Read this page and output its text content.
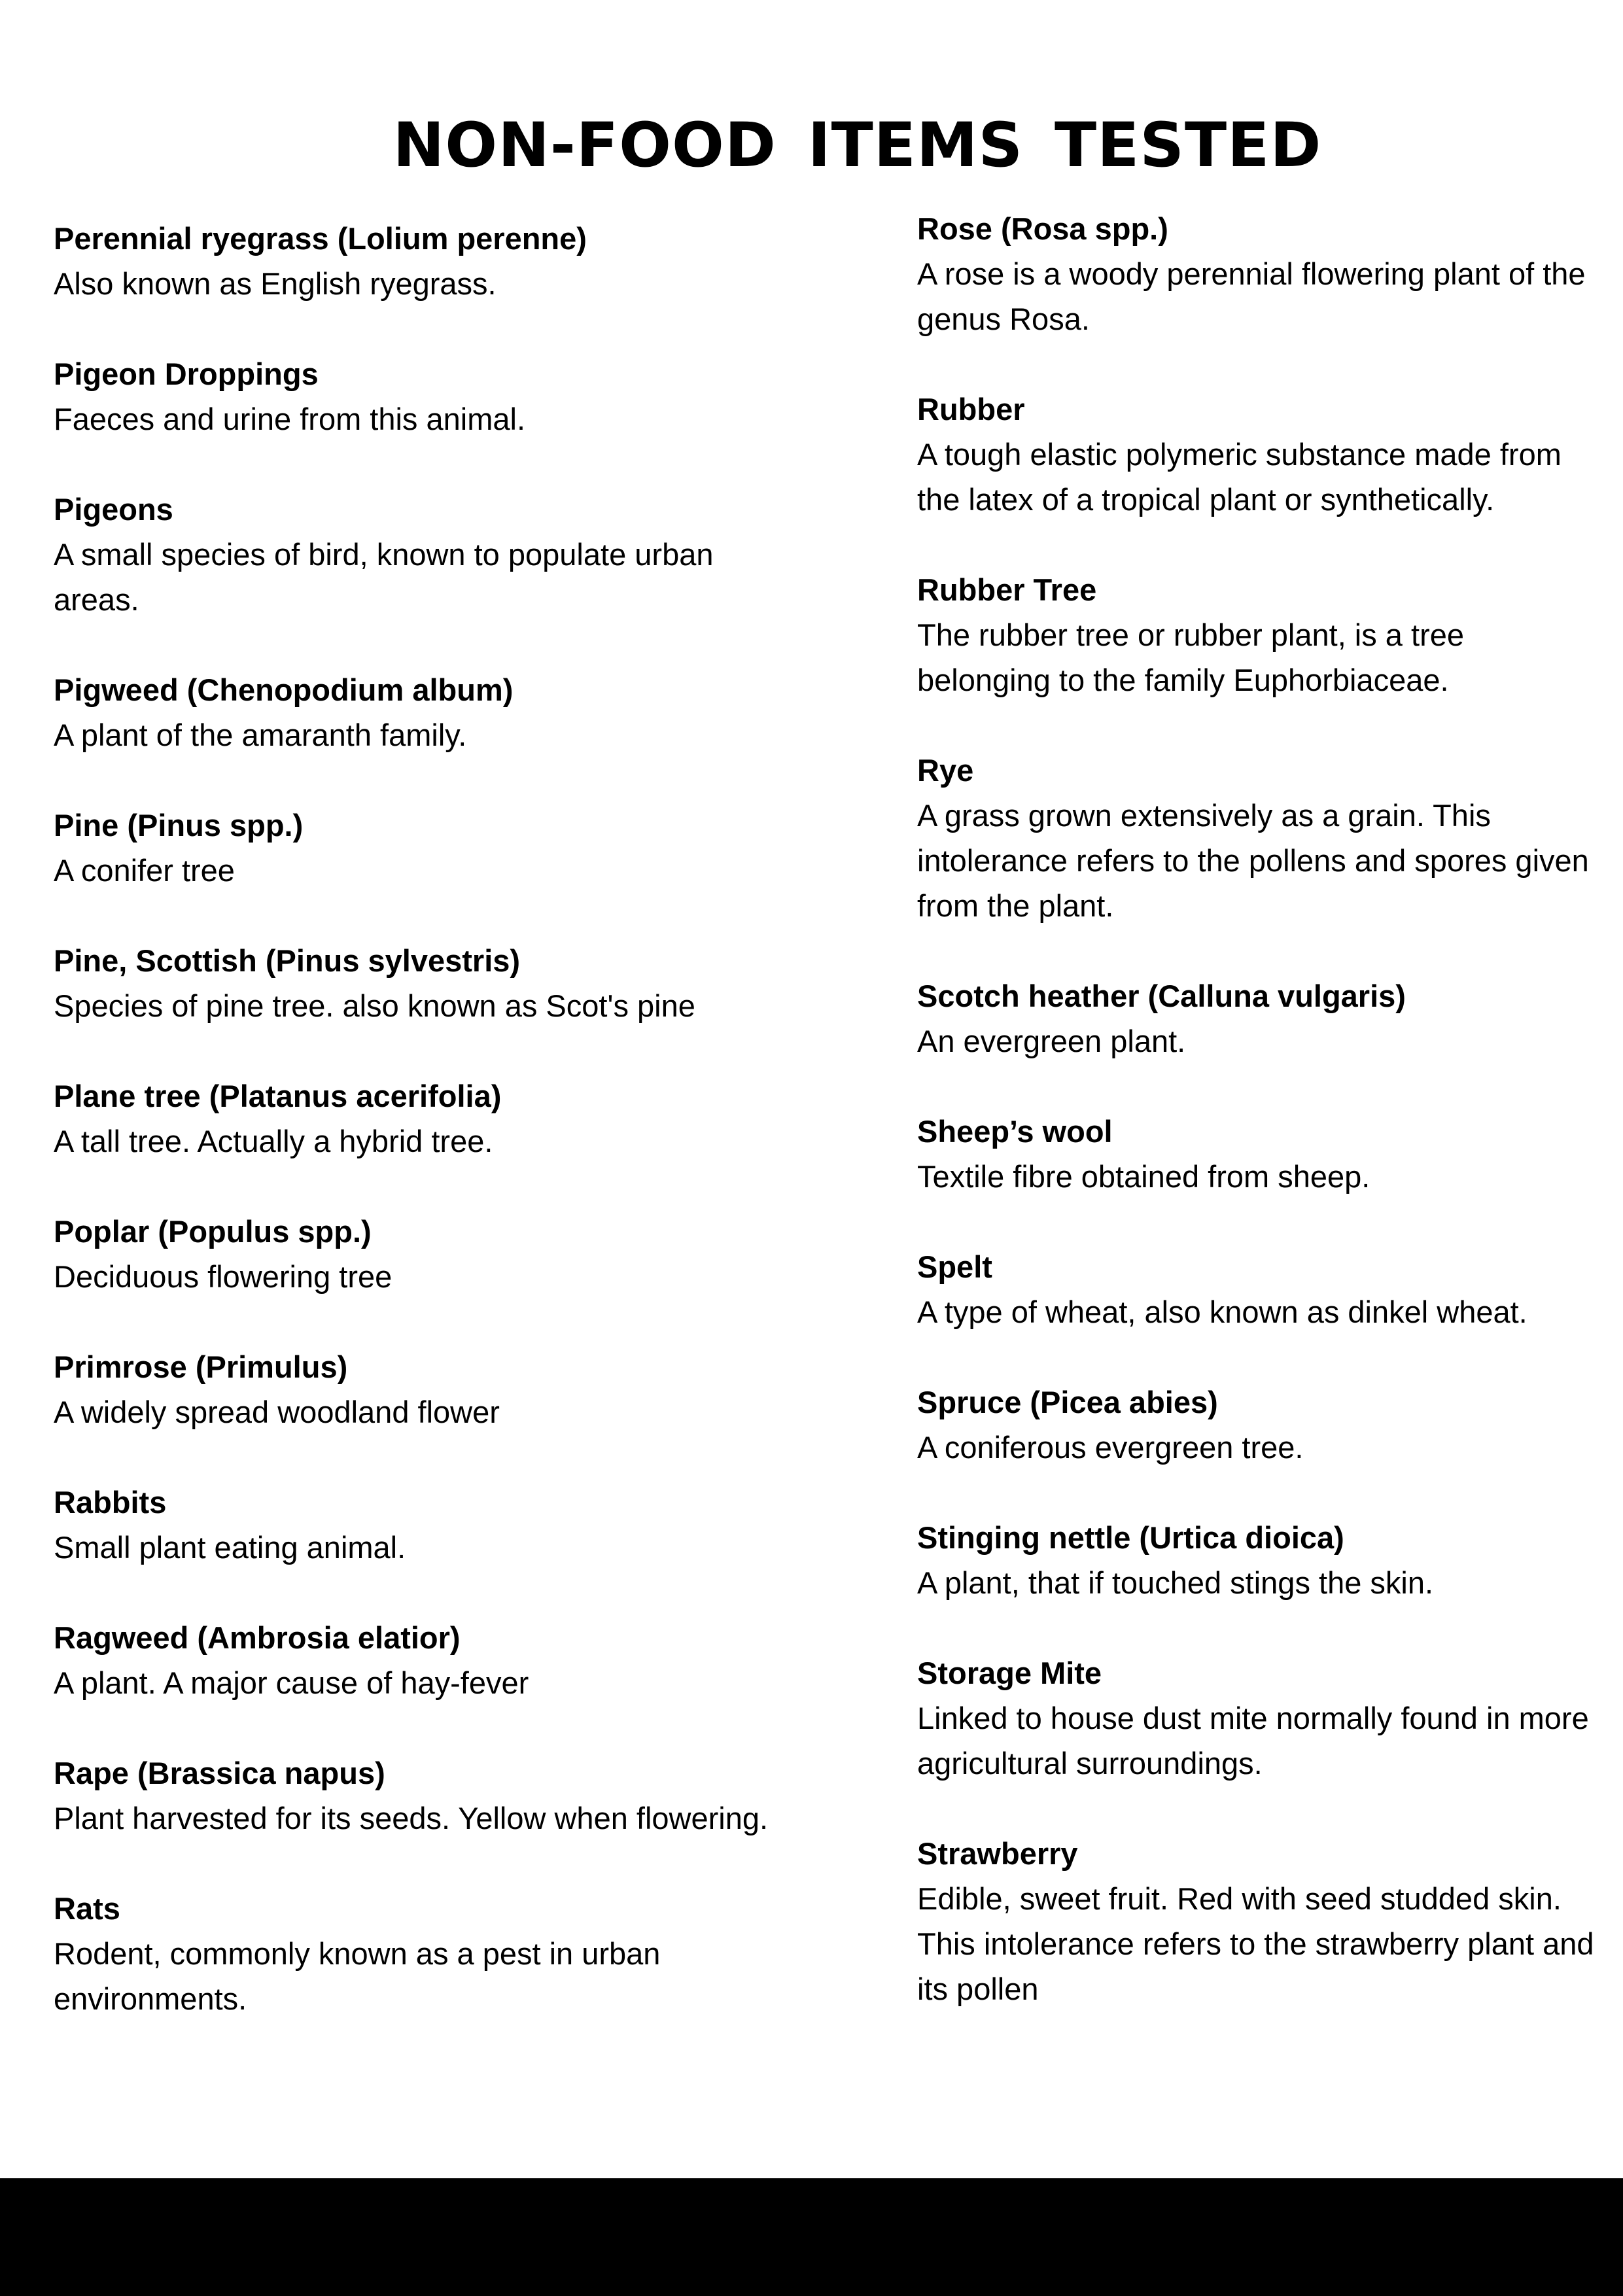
NON-FOOD ITEMS TESTED

Perennial ryegrass (Lolium perenne)

Also known as English ryegrass.

Pigeon Droppings

Faeces and urine from this animal.

Pigeons

A small species of bird, known to populate urban areas.

Pigweed (Chenopodium album)

A plant of the amaranth family.

Pine (Pinus spp.)

A conifer tree

Pine, Scottish (Pinus sylvestris)

Species of pine tree. also known as Scot's pine

Plane tree (Platanus acerifolia)

A tall tree. Actually a hybrid tree.

Poplar (Populus spp.)

Deciduous flowering tree

Primrose (Primulus)

A widely spread woodland flower

Rabbits

Small plant eating animal.

Ragweed (Ambrosia elatior)

A plant. A major cause of hay-fever

Rape (Brassica napus)

Plant harvested for its seeds. Yellow when flowering.

Rats

Rodent, commonly known as a pest in urban environments.

Rose (Rosa spp.)

A rose is a woody perennial flowering plant of the genus Rosa.

Rubber

A tough elastic polymeric substance made from the latex of a tropical plant or synthetically.

Rubber Tree

The rubber tree or rubber plant, is a tree belonging to the family Euphorbiaceae.

Rye

A grass grown extensively as a grain. This intolerance refers to the pollens and spores given from the plant.

Scotch heather (Calluna vulgaris)

An evergreen plant.

Sheep’s wool

Textile fibre obtained from sheep.

Spelt

A type of wheat, also known as dinkel wheat.

Spruce (Picea abies)

A coniferous evergreen tree.

Stinging nettle (Urtica dioica)

A plant, that if touched stings the skin.

Storage Mite

Linked to house dust mite normally found in more agricultural surroundings.

Strawberry

Edible, sweet fruit. Red with seed studded skin. This intolerance refers to the strawberry plant and its pollen
